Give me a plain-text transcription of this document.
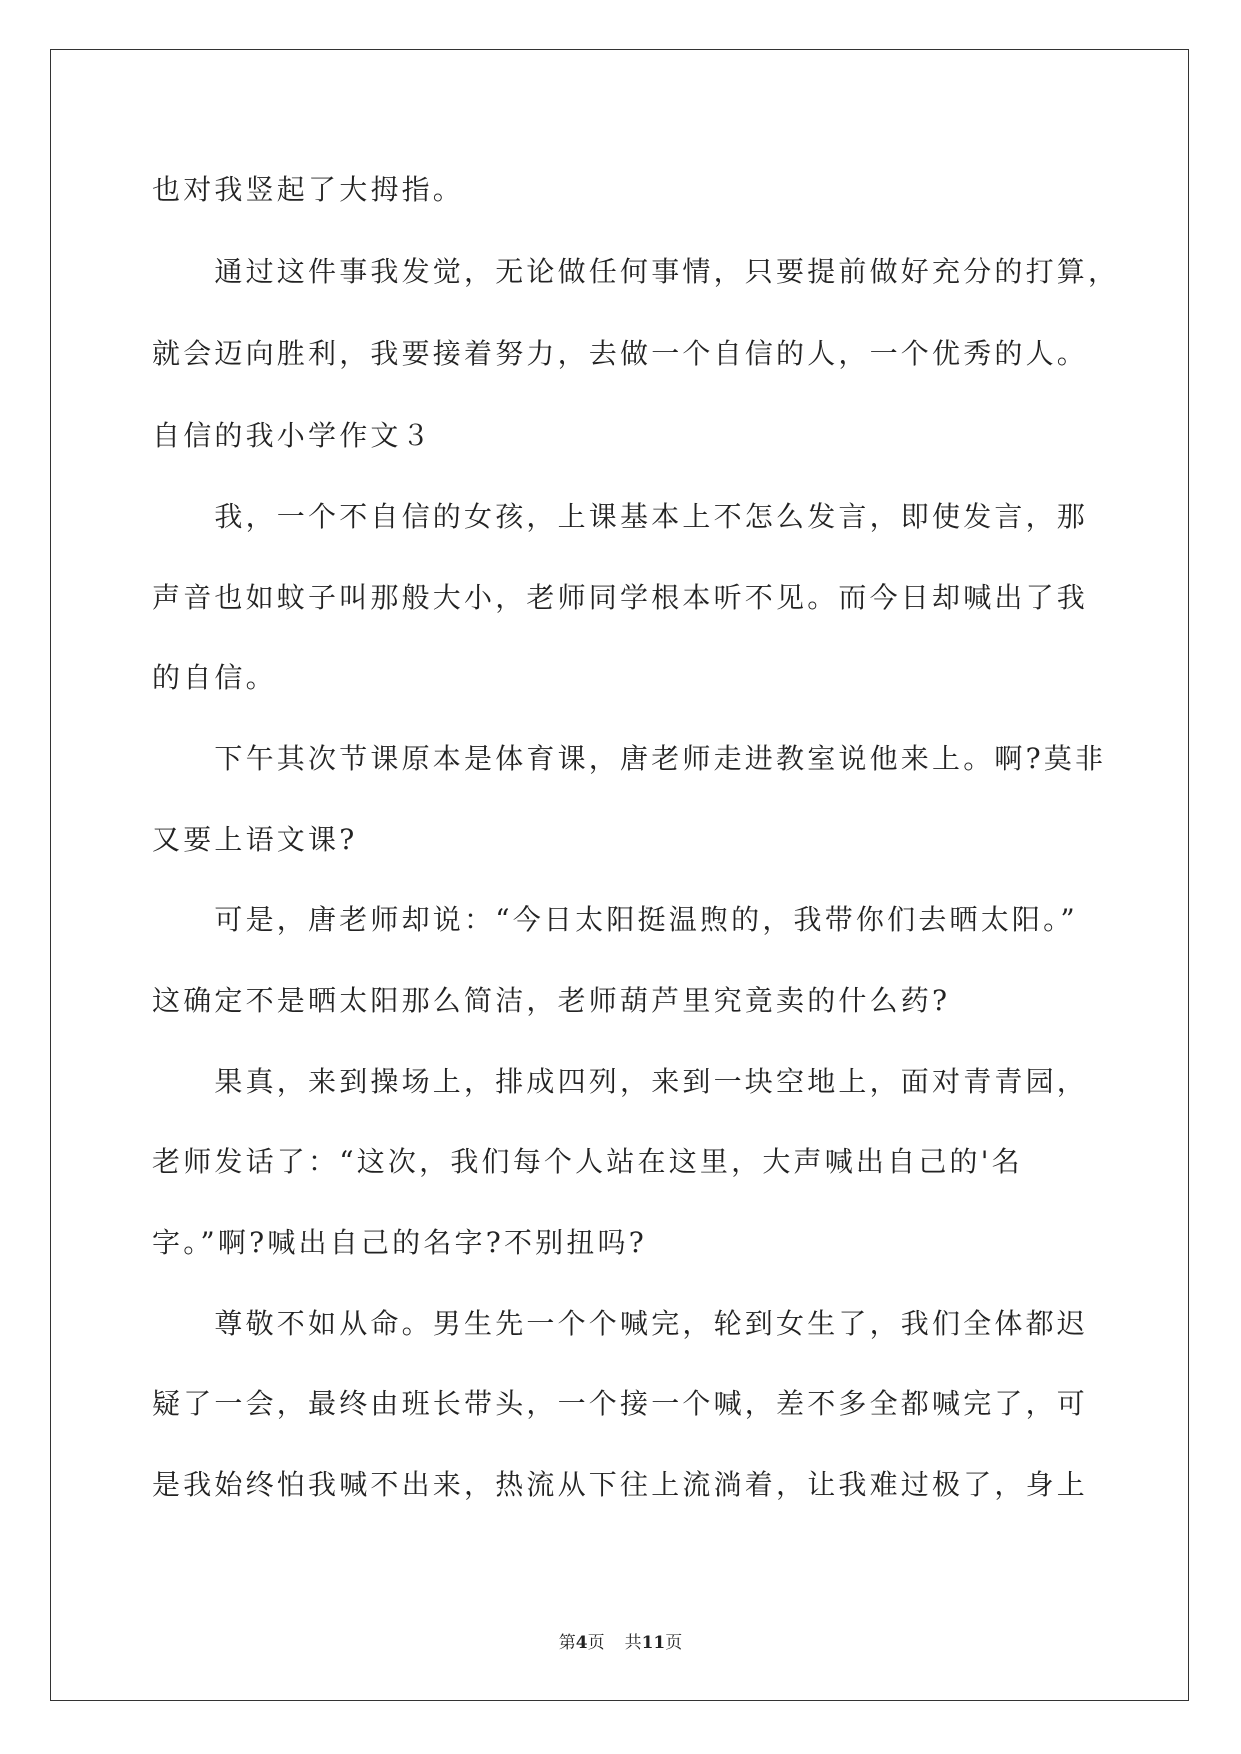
也对我竖起了大拇指。
　　通过这件事我发觉，无论做任何事情，只要提前做好充分的打算，
就会迈向胜利，我要接着努力，去做一个自信的人，一个优秀的人。
自信的我小学作文３
　　我，一个不自信的女孩，上课基本上不怎么发言，即使发言，那
声音也如蚊子叫那般大小，老师同学根本听不见。而今日却喊出了我
的自信。
　　下午其次节课原本是体育课，唐老师走进教室说他来上。啊?莫非
又要上语文课?
　　可是，唐老师却说：“今日太阳挺温煦的，我带你们去晒太阳。”
这确定不是晒太阳那么简洁，老师葫芦里究竟卖的什么药?
　　果真，来到操场上，排成四列，来到一块空地上，面对青青园，
老师发话了：“这次，我们每个人站在这里，大声喊出自己的'名
字。”啊?喊出自己的名字?不别扭吗?
　　尊敬不如从命。男生先一个个喊完，轮到女生了，我们全体都迟
疑了一会，最终由班长带头，一个接一个喊，差不多全都喊完了，可
是我始终怕我喊不出来，热流从下往上流淌着，让我难过极了，身上
第4页 共11页
